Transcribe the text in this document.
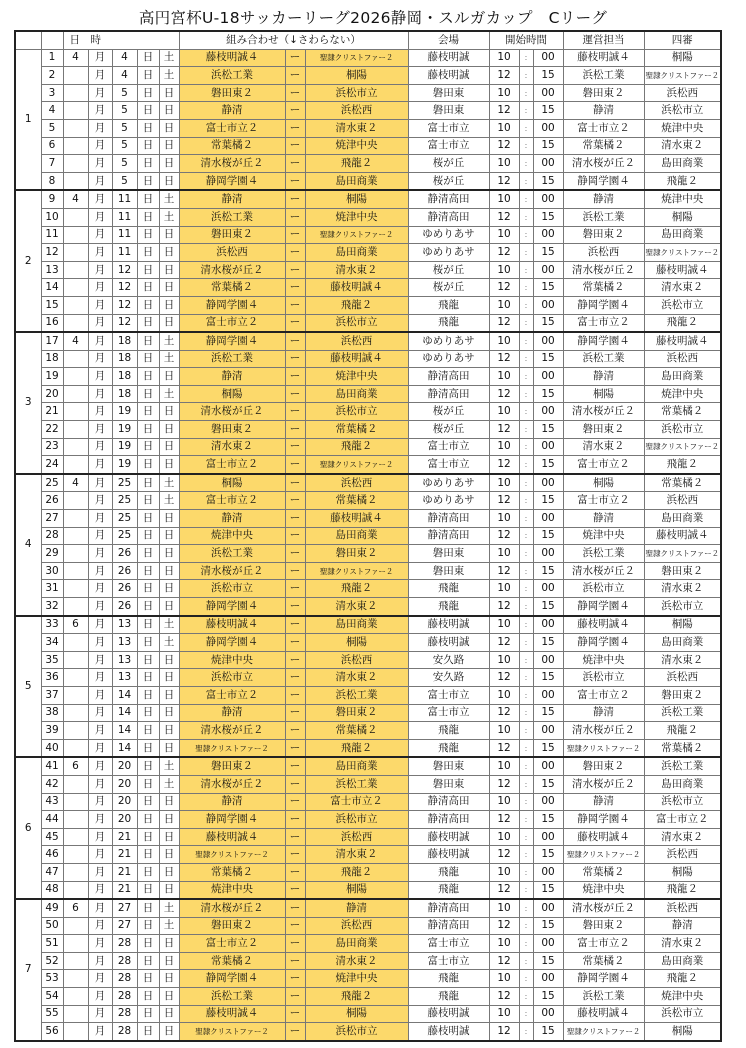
高円宮杯U-18サッカーリーグ2026静岡・スルガカップ　Cリーグ
		日　時					組み合わせ（↓さわらない）			会場	開始時間			運営担当	四審
1	1	4	月	4	日	土	藤枝明誠４	ー	聖隷クリストファー２	藤枝明誠	10	:	00	藤枝明誠４	桐陽
	2		月	4	日	土	浜松工業	ー	桐陽	藤枝明誠	12	:	15	浜松工業	聖隷クリストファー２
	3		月	5	日	日	磐田東２	ー	浜松市立	磐田東	10	:	00	磐田東２	浜松西
	4		月	5	日	日	静清	ー	浜松西	磐田東	12	:	15	静清	浜松市立
	5		月	5	日	日	富士市立２	ー	清水東２	富士市立	10	:	00	富士市立２	焼津中央
	6		月	5	日	日	常葉橘２	ー	焼津中央	富士市立	12	:	15	常葉橘２	清水東２
	7		月	5	日	日	清水桜が丘２	ー	飛龍２	桜が丘	10	:	00	清水桜が丘２	島田商業
	8		月	5	日	日	静岡学園４	ー	島田商業	桜が丘	12	:	15	静岡学園４	飛龍２
2	9	4	月	11	日	土	静清	ー	桐陽	静清高田	10	:	00	静清	焼津中央
	10		月	11	日	土	浜松工業	ー	焼津中央	静清高田	12	:	15	浜松工業	桐陽
	11		月	11	日	日	磐田東２	ー	聖隷クリストファー２	ゆめりあサ	10	:	00	磐田東２	島田商業
	12		月	11	日	日	浜松西	ー	島田商業	ゆめりあサ	12	:	15	浜松西	聖隷クリストファー２
	13		月	12	日	日	清水桜が丘２	ー	清水東２	桜が丘	10	:	00	清水桜が丘２	藤枝明誠４
	14		月	12	日	日	常葉橘２	ー	藤枝明誠４	桜が丘	12	:	15	常葉橘２	清水東２
	15		月	12	日	日	静岡学園４	ー	飛龍２	飛龍	10	:	00	静岡学園４	浜松市立
	16		月	12	日	日	富士市立２	ー	浜松市立	飛龍	12	:	15	富士市立２	飛龍２
3	17	4	月	18	日	土	静岡学園４	ー	浜松西	ゆめりあサ	10	:	00	静岡学園４	藤枝明誠４
	18		月	18	日	土	浜松工業	ー	藤枝明誠４	ゆめりあサ	12	:	15	浜松工業	浜松西
	19		月	18	日	日	静清	ー	焼津中央	静清高田	10	:	00	静清	島田商業
	20		月	18	日	土	桐陽	ー	島田商業	静清高田	12	:	15	桐陽	焼津中央
	21		月	19	日	日	清水桜が丘２	ー	浜松市立	桜が丘	10	:	00	清水桜が丘２	常葉橘２
	22		月	19	日	日	磐田東２	ー	常葉橘２	桜が丘	12	:	15	磐田東２	浜松市立
	23		月	19	日	日	清水東２	ー	飛龍２	富士市立	10	:	00	清水東２	聖隷クリストファー２
	24		月	19	日	日	富士市立２	ー	聖隷クリストファー２	富士市立	12	:	15	富士市立２	飛龍２
4	25	4	月	25	日	土	桐陽	ー	浜松西	ゆめりあサ	10	:	00	桐陽	常葉橘２
	26		月	25	日	土	富士市立２	ー	常葉橘２	ゆめりあサ	12	:	15	富士市立２	浜松西
	27		月	25	日	日	静清	ー	藤枝明誠４	静清高田	10	:	00	静清	島田商業
	28		月	25	日	日	焼津中央	ー	島田商業	静清高田	12	:	15	焼津中央	藤枝明誠４
	29		月	26	日	日	浜松工業	ー	磐田東２	磐田東	10	:	00	浜松工業	聖隷クリストファー２
	30		月	26	日	日	清水桜が丘２	ー	聖隷クリストファー２	磐田東	12	:	15	清水桜が丘２	磐田東２
	31		月	26	日	日	浜松市立	ー	飛龍２	飛龍	10	:	00	浜松市立	清水東２
	32		月	26	日	日	静岡学園４	ー	清水東２	飛龍	12	:	15	静岡学園４	浜松市立
5	33	6	月	13	日	土	藤枝明誠４	ー	島田商業	藤枝明誠	10	:	00	藤枝明誠４	桐陽
	34		月	13	日	土	静岡学園４	ー	桐陽	藤枝明誠	12	:	15	静岡学園４	島田商業
	35		月	13	日	日	焼津中央	ー	浜松西	安久路	10	:	00	焼津中央	清水東２
	36		月	13	日	日	浜松市立	ー	清水東２	安久路	12	:	15	浜松市立	浜松西
	37		月	14	日	日	富士市立２	ー	浜松工業	富士市立	10	:	00	富士市立２	磐田東２
	38		月	14	日	日	静清	ー	磐田東２	富士市立	12	:	15	静清	浜松工業
	39		月	14	日	日	清水桜が丘２	ー	常葉橘２	飛龍	10	:	00	清水桜が丘２	飛龍２
	40		月	14	日	日	聖隷クリストファー２	ー	飛龍２	飛龍	12	:	15	聖隷クリストファー２	常葉橘２
6	41	6	月	20	日	土	磐田東２	ー	島田商業	磐田東	10	:	00	磐田東２	浜松工業
	42		月	20	日	土	清水桜が丘２	ー	浜松工業	磐田東	12	:	15	清水桜が丘２	島田商業
	43		月	20	日	日	静清	ー	富士市立２	静清高田	10	:	00	静清	浜松市立
	44		月	20	日	日	静岡学園４	ー	浜松市立	静清高田	12	:	15	静岡学園４	富士市立２
	45		月	21	日	日	藤枝明誠４	ー	浜松西	藤枝明誠	10	:	00	藤枝明誠４	清水東２
	46		月	21	日	日	聖隷クリストファー２	ー	清水東２	藤枝明誠	12	:	15	聖隷クリストファー２	浜松西
	47		月	21	日	日	常葉橘２	ー	飛龍２	飛龍	10	:	00	常葉橘２	桐陽
	48		月	21	日	日	焼津中央	ー	桐陽	飛龍	12	:	15	焼津中央	飛龍２
7	49	6	月	27	日	土	清水桜が丘２	ー	静清	静清高田	10	:	00	清水桜が丘２	浜松西
	50		月	27	日	土	磐田東２	ー	浜松西	静清高田	12	:	15	磐田東２	静清
	51		月	28	日	日	富士市立２	ー	島田商業	富士市立	10	:	00	富士市立２	清水東２
	52		月	28	日	日	常葉橘２	ー	清水東２	富士市立	12	:	15	常葉橘２	島田商業
	53		月	28	日	日	静岡学園４	ー	焼津中央	飛龍	10	:	00	静岡学園４	飛龍２
	54		月	28	日	日	浜松工業	ー	飛龍２	飛龍	12	:	15	浜松工業	焼津中央
	55		月	28	日	日	藤枝明誠４	ー	桐陽	藤枝明誠	10	:	00	藤枝明誠４	浜松市立
	56		月	28	日	日	聖隷クリストファー２	ー	浜松市立	藤枝明誠	12	:	15	聖隷クリストファー２	桐陽
